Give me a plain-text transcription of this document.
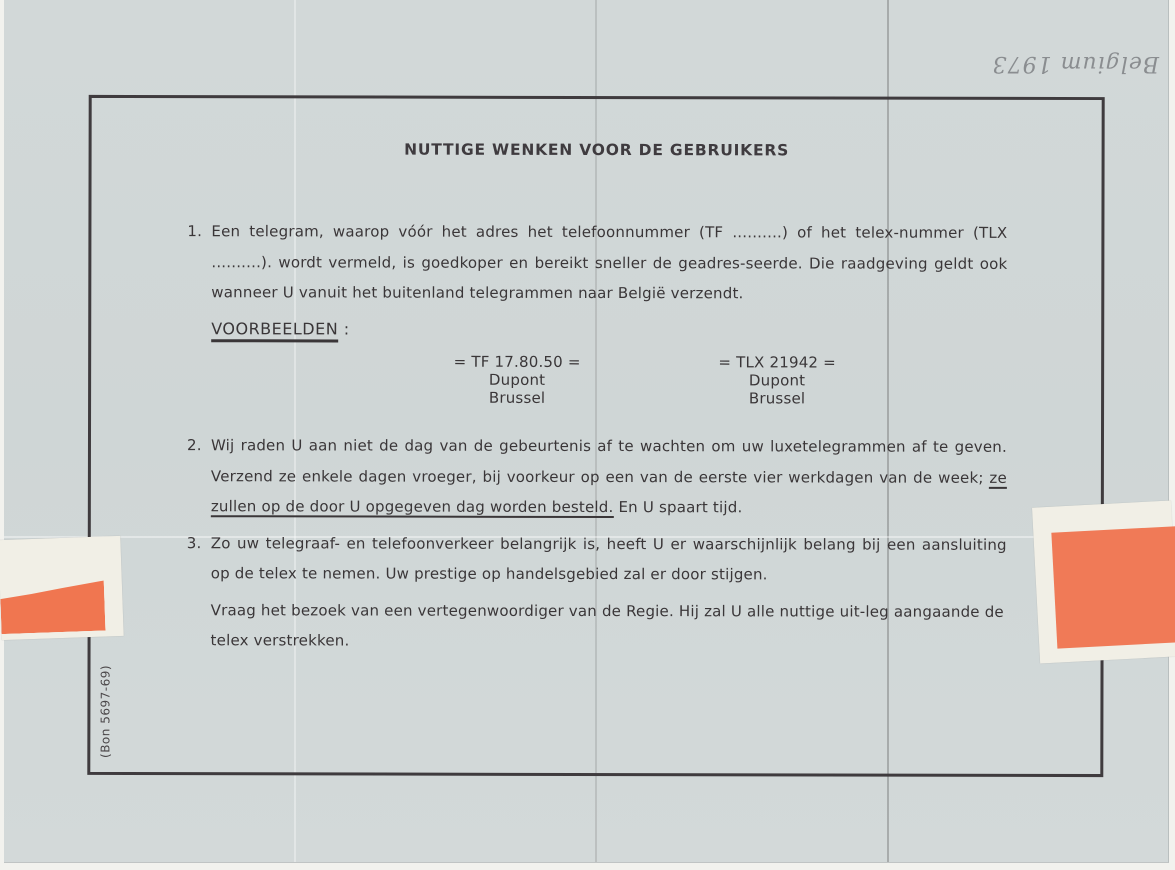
Belgium 1973
NUTTIGE WENKEN VOOR DE GEBRUIKERS
1. Een telegram, waarop vóór het adres het telefoonnummer (TF ..........) of het telex-nummer (TLX ..........). wordt vermeld, is goedkoper en bereikt sneller de geadres-seerde. Die raadgeving geldt ook wanneer U vanuit het buitenland telegrammen naar België verzendt.

VOORBEELDEN :
= TF 17.80.50 =
Dupont
Brussel
= TLX 21942 =
Dupont
Brussel
2. Wij raden U aan niet de dag van de gebeurtenis af te wachten om uw luxetelegrammen af te geven. Verzend ze enkele dagen vroeger, bij voorkeur op een van de eerste vier werkdagen van de week; ze zullen op de door U opgegeven dag worden besteld. En U spaart tijd.

3. Zo uw telegraaf- en telefoonverkeer belangrijk is, heeft U er waarschijnlijk belang bij een aansluiting op de telex te nemen. Uw prestige op handelsgebied zal er door stijgen.

Vraag het bezoek van een vertegenwoordiger van de Regie. Hij zal U alle nuttige uit-leg aangaande de telex verstrekken.
(Bon 5697-69)
